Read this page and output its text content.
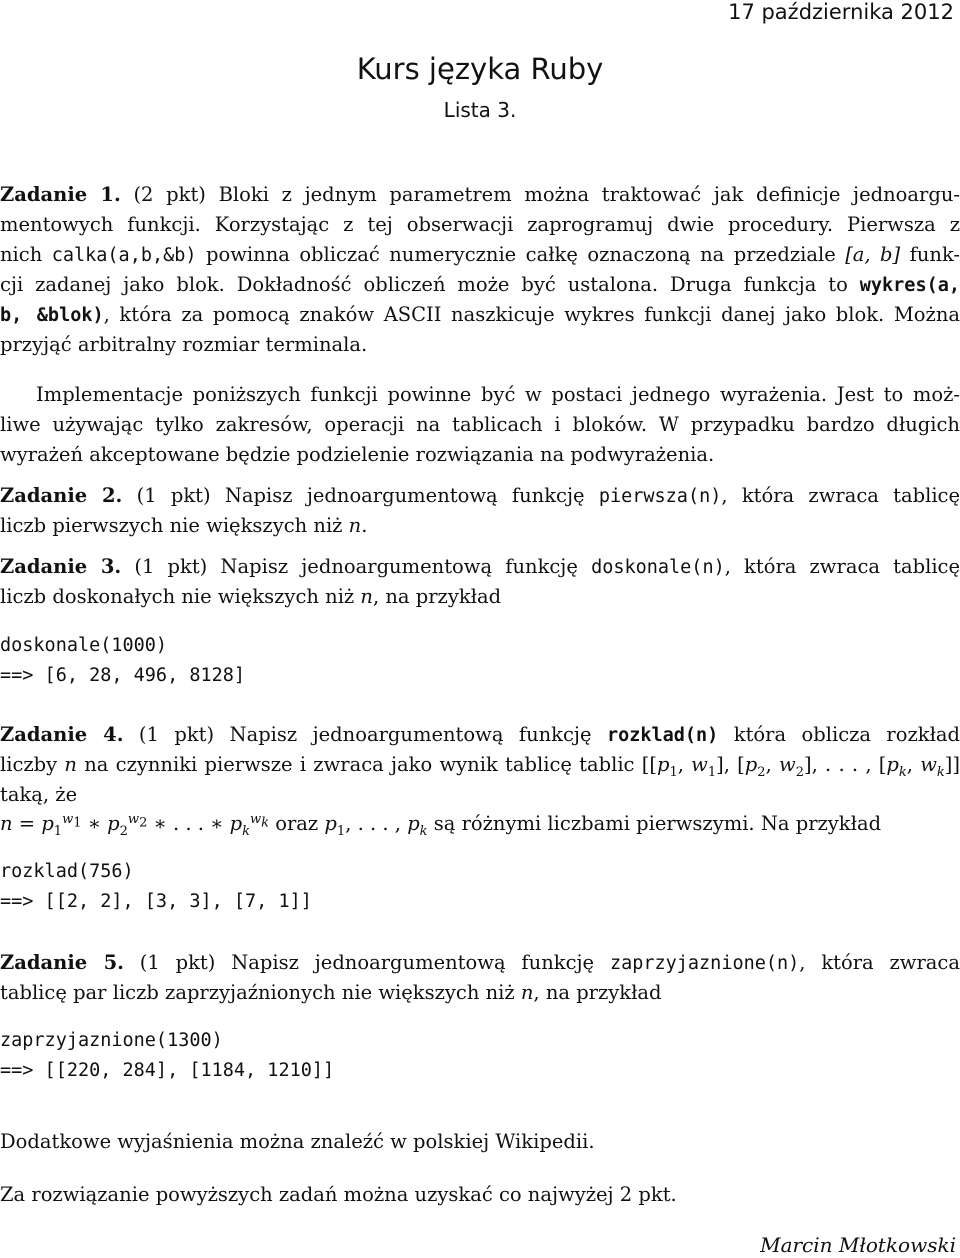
17 października 2012
Kurs języka Ruby
Lista 3.
Zadanie 1. (2 pkt) Bloki z jednym parametrem można traktować jak definicje jednoargu-
mentowych funkcji. Korzystając z tej obserwacji zaprogramuj dwie procedury. Pierwsza z
nich calka(a,b,&b) powinna obliczać numerycznie całkę oznaczoną na przedziale [a, b] funk-
cji zadanej jako blok. Dokładność obliczeń może być ustalona. Druga funkcja to wykres(a,
b, &blok), która za pomocą znaków ASCII naszkicuje wykres funkcji danej jako blok. Można
przyjąć arbitralny rozmiar terminala.
Implementacje poniższych funkcji powinne być w postaci jednego wyrażenia. Jest to moż-
liwe używając tylko zakresów, operacji na tablicach i bloków. W przypadku bardzo długich
wyrażeń akceptowane będzie podzielenie rozwiązania na podwyrażenia.
Zadanie 2. (1 pkt) Napisz jednoargumentową funkcję pierwsza(n), która zwraca tablicę
liczb pierwszych nie większych niż n.
Zadanie 3. (1 pkt) Napisz jednoargumentową funkcję doskonale(n), która zwraca tablicę
liczb doskonałych nie większych niż n, na przykład
doskonale(1000)
==> [6, 28, 496, 8128]
Zadanie 4. (1 pkt) Napisz jednoargumentową funkcję rozklad(n) która oblicza rozkład
liczby n na czynniki pierwsze i zwraca jako wynik tablicę tablic [[$p_1$, $w_1$], [$p_2$, $w_2$], . . . , [$p_k$, $w_k$]]
taką, że
$n = p_1^{w_1}$ ∗ $p_2^{w_2}$ ∗ . . . ∗ $p_k^{w_k}$ oraz $p_1$, . . . , $p_k$ są różnymi liczbami pierwszymi. Na przykład
rozklad(756)
==> [[2, 2], [3, 3], [7, 1]]
Zadanie 5. (1 pkt) Napisz jednoargumentową funkcję zaprzyjaznione(n), która zwraca
tablicę par liczb zaprzyjaźnionych nie większych niż n, na przykład
zaprzyjaznione(1300)
==> [[220, 284], [1184, 1210]]
Dodatkowe wyjaśnienia można znaleźć w polskiej Wikipedii.
Za rozwiązanie powyższych zadań można uzyskać co najwyżej 2 pkt.
Marcin Młotkowski
